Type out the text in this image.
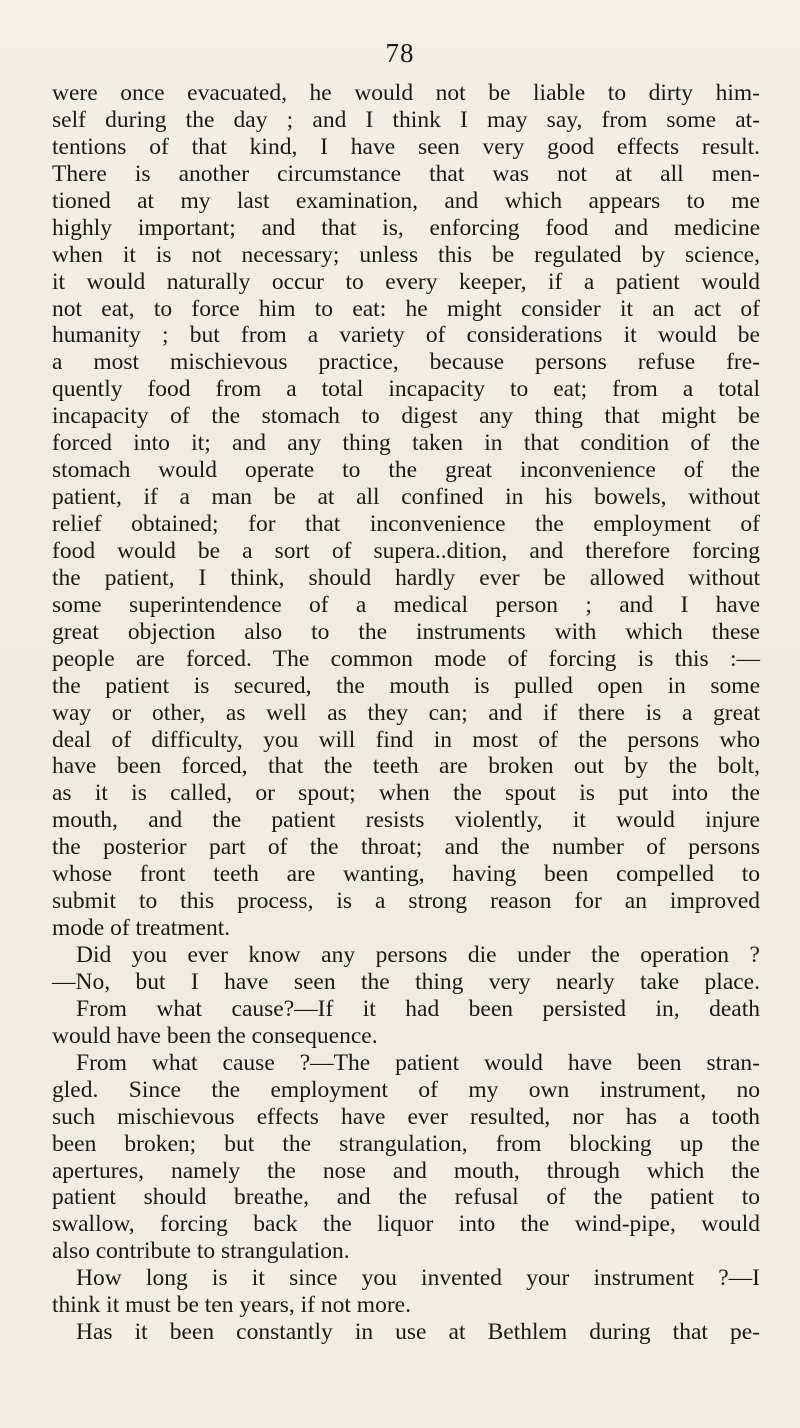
78
were once evacuated, he would not be liable to dirty him-
self during the day ; and I think I may say, from some at-
tentions of that kind, I have seen very good effects result.
There is another circumstance that was not at all men-
tioned at my last examination, and which appears to me
highly important; and that is, enforcing food and medicine
when it is not necessary; unless this be regulated by science,
it would naturally occur to every keeper, if a patient would
not eat, to force him to eat: he might consider it an act of
humanity ; but from a variety of considerations it would be
a most mischievous practice, because persons refuse fre-
quently food from a total incapacity to eat; from a total
incapacity of the stomach to digest any thing that might be
forced into it; and any thing taken in that condition of the
stomach would operate to the great inconvenience of the
patient, if a man be at all confined in his bowels, without
relief obtained; for that inconvenience the employment of
food would be a sort of supera..dition, and therefore forcing
the patient, I think, should hardly ever be allowed without
some superintendence of a medical person ; and I have
great objection also to the instruments with which these
people are forced. The common mode of forcing is this :—
the patient is secured, the mouth is pulled open in some
way or other, as well as they can; and if there is a great
deal of difficulty, you will find in most of the persons who
have been forced, that the teeth are broken out by the bolt,
as it is called, or spout; when the spout is put into the
mouth, and the patient resists violently, it would injure
the posterior part of the throat; and the number of persons
whose front teeth are wanting, having been compelled to
submit to this process, is a strong reason for an improved
mode of treatment.
Did you ever know any persons die under the operation ?
—No, but I have seen the thing very nearly take place.
From what cause?—If it had been persisted in, death
would have been the consequence.
From what cause ?—The patient would have been stran-
gled. Since the employment of my own instrument, no
such mischievous effects have ever resulted, nor has a tooth
been broken; but the strangulation, from blocking up the
apertures, namely the nose and mouth, through which the
patient should breathe, and the refusal of the patient to
swallow, forcing back the liquor into the wind-pipe, would
also contribute to strangulation.
How long is it since you invented your instrument ?—I
think it must be ten years, if not more.
Has it been constantly in use at Bethlem during that pe-
